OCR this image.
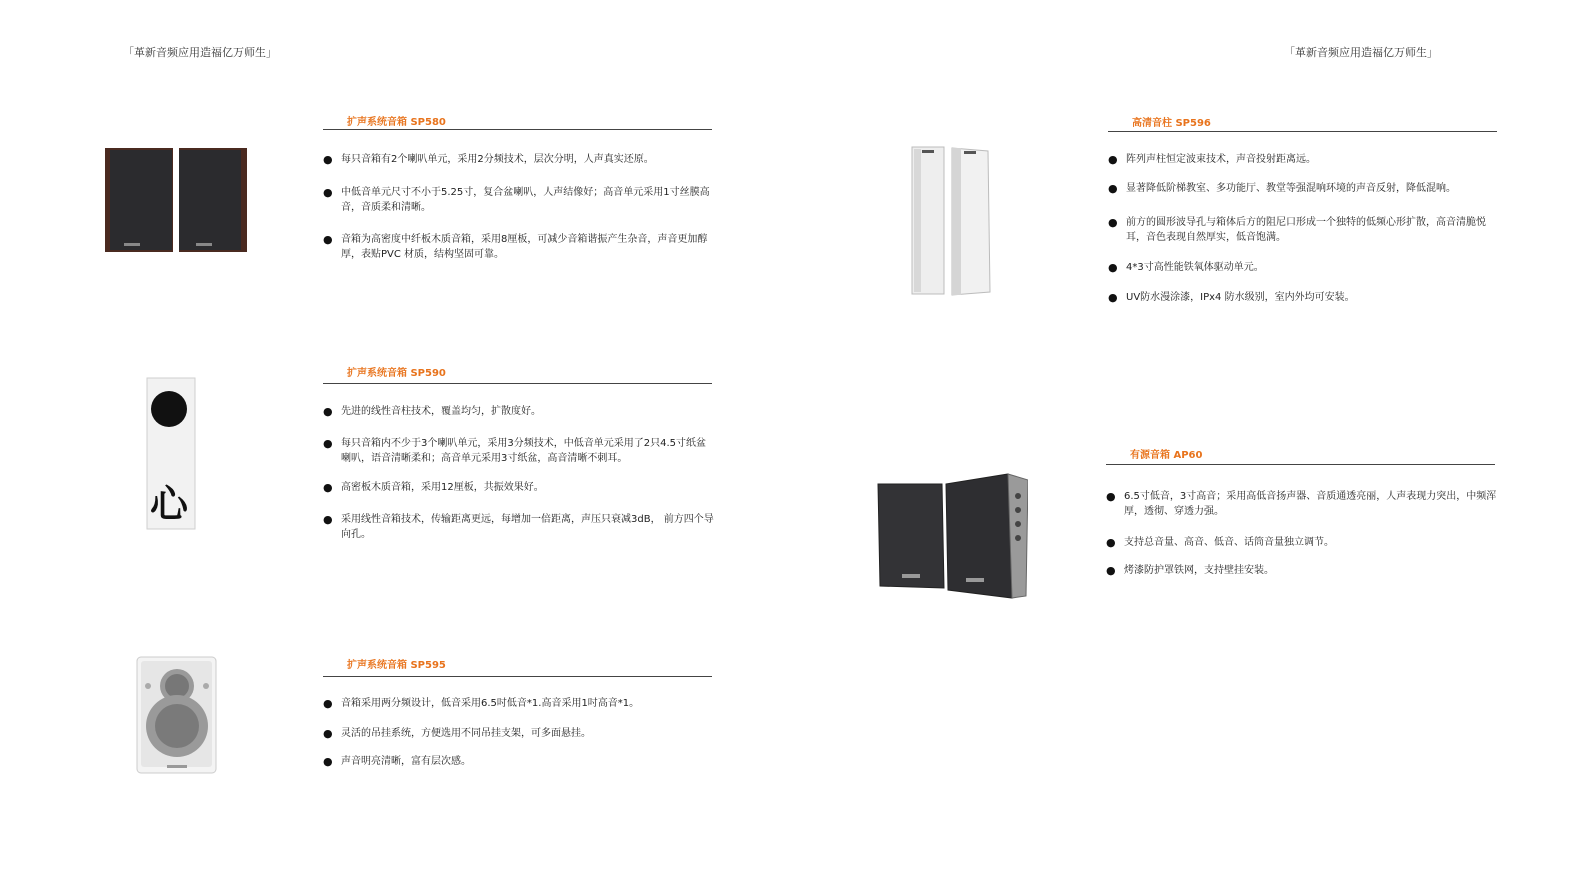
「革新音频应用造福亿万师生」	「革新音频应用造福亿万师生」
扩声系统音箱 SP580
● 每只音箱有2个喇叭单元，采用2分频技术，层次分明，人声真实还原。
● 中低音单元尺寸不小于5.25寸，复合盆喇叭，人声结像好；高音单元采用1寸丝膜高音，音质柔和清晰。
● 音箱为高密度中纤板木质音箱，采用8厘板，可减少音箱谐振产生杂音，声音更加醇厚，表贴PVC 材质，结构坚固可靠。
心
扩声系统音箱 SP590
● 先进的线性音柱技术，覆盖均匀，扩散度好。
● 每只音箱内不少于3个喇叭单元，采用3分频技术，中低音单元采用了2只4.5寸纸盆喇叭，语音清晰柔和；高音单元采用3寸纸盆，高音清晰不刺耳。
● 高密板木质音箱，采用12厘板，共振效果好。
● 采用线性音箱技术，传输距离更远，每增加一倍距离，声压只衰减3dB， 前方四个导向孔。
扩声系统音箱 SP595
● 音箱采用两分频设计，低音采用6.5吋低音*1.高音采用1吋高音*1。
● 灵活的吊挂系统，方便选用不同吊挂支架，可多面悬挂。
● 声音明亮清晰，富有层次感。
高清音柱 SP596
● 阵列声柱恒定波束技术，声音投射距离远。
● 显著降低阶梯教室、多功能厅、教堂等强混响环境的声音反射，降低混响。
● 前方的圆形波导孔与箱体后方的阻尼口形成一个独特的低频心形扩散，高音清脆悦耳，音色表现自然厚实，低音饱满。
● 4*3寸高性能铁氧体驱动单元。
● UV防水漫涂漆，IPx4 防水级别，室内外均可安装。
有源音箱 AP60
● 6.5寸低音，3寸高音；采用高低音扬声器、音质通透亮丽，人声表现力突出，中频浑厚，透彻、穿透力强。
● 支持总音量、高音、低音、话筒音量独立调节。
● 烤漆防护罩铁网，支持壁挂安装。
